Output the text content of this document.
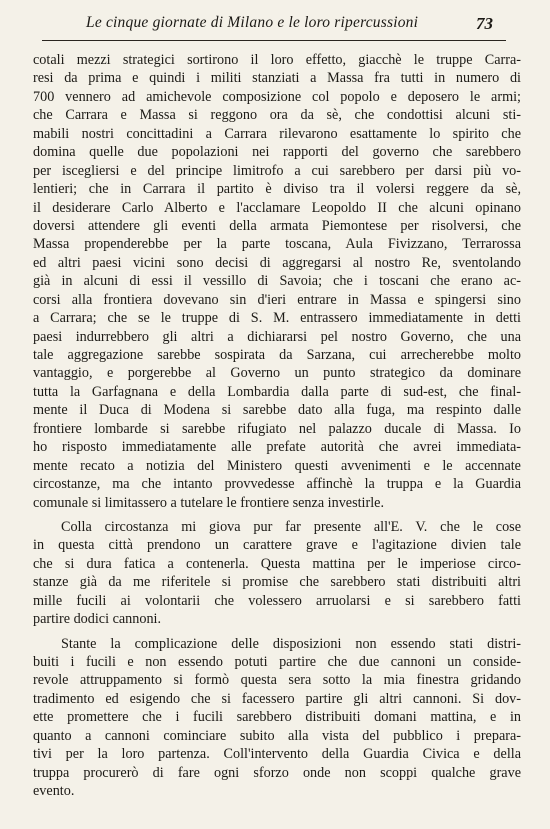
Le cinque giornate di Milano e le loro ripercussioni	73
cotali mezzi strategici sortirono il loro effetto, giacchè le truppe Carra-
resi da prima e quindi i militi stanziati a Massa fra tutti in numero di
700 vennero ad amichevole composizione col popolo e deposero le armi;
che Carrara e Massa si reggono ora da sè, che condottisi alcuni sti-
mabili nostri concittadini a Carrara rilevarono esattamente lo spirito che
domina quelle due popolazioni nei rapporti del governo che sarebbero
per iscegliersi e del principe limitrofo a cui sarebbero per darsi più vo-
lentieri; che in Carrara il partito è diviso tra il volersi reggere da sè,
il desiderare Carlo Alberto e l'acclamare Leopoldo II che alcuni opinano
doversi attendere gli eventi della armata Piemontese per risolversi, che
Massa propenderebbe per la parte toscana, Aula Fivizzano, Terrarossa
ed altri paesi vicini sono decisi di aggregarsi al nostro Re, sventolando
già in alcuni di essi il vessillo di Savoia; che i toscani che erano ac-
corsi alla frontiera dovevano sin d'ieri entrare in Massa e spingersi sino
a Carrara; che se le truppe di S. M. entrassero immediatamente in detti
paesi indurrebbero gli altri a dichiararsi pel nostro Governo, che una
tale aggregazione sarebbe sospirata da Sarzana, cui arrecherebbe molto
vantaggio, e porgerebbe al Governo un punto strategico da dominare
tutta la Garfagnana e della Lombardia dalla parte di sud-est, che final-
mente il Duca di Modena si sarebbe dato alla fuga, ma respinto dalle
frontiere lombarde si sarebbe rifugiato nel palazzo ducale di Massa. Io
ho risposto immediatamente alle prefate autorità che avrei immediata-
mente recato a notizia del Ministero questi avvenimenti e le accennate
circostanze, ma che intanto provvedesse affinchè la truppa e la Guardia
comunale si limitassero a tutelare le frontiere senza investirle.
Colla circostanza mi giova pur far presente all'E. V. che le cose
in questa città prendono un carattere grave e l'agitazione divien tale
che si dura fatica a contenerla. Questa mattina per le imperiose circo-
stanze già da me riferitele si promise che sarebbero stati distribuiti altri
mille fucili ai volontarii che volessero arruolarsi e si sarebbero fatti
partire dodici cannoni.
Stante la complicazione delle disposizioni non essendo stati distri-
buiti i fucili e non essendo potuti partire che due cannoni un conside-
revole attruppamento si formò questa sera sotto la mia finestra gridando
tradimento ed esigendo che si facessero partire gli altri cannoni. Si dov-
ette promettere che i fucili sarebbero distribuiti domani mattina, e in
quanto a cannoni cominciare subito alla vista del pubblico i prepara-
tivi per la loro partenza. Coll'intervento della Guardia Civica e della
truppa procurerò di fare ogni sforzo onde non scoppi qualche grave
evento.
